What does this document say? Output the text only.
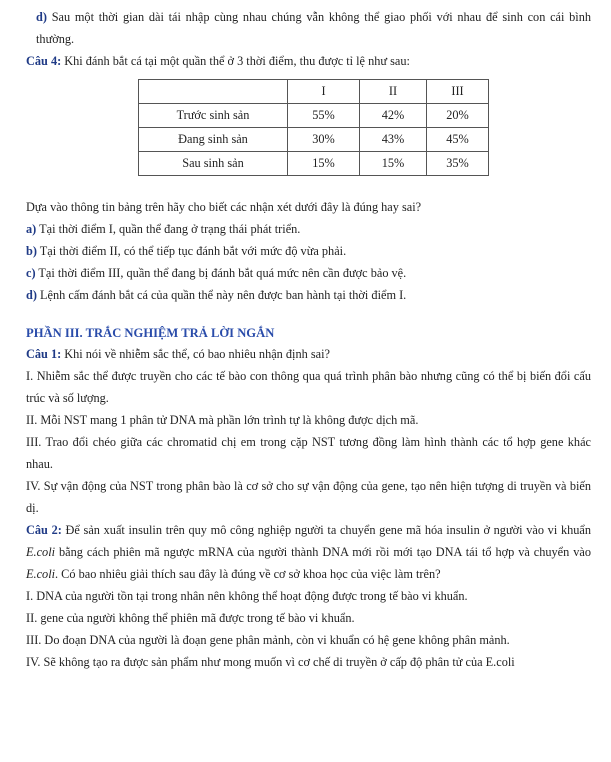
d) Sau một thời gian dài tái nhập cùng nhau chúng vẫn không thể giao phối với nhau để sinh con cái bình thường.

Câu 4: Khi đánh bắt cá tại một quần thể ở 3 thời điểm, thu được tỉ lệ như sau:

	I	II	III
Trước sinh sản	55%	42%	20%
Đang sinh sản	30%	43%	45%
Sau sinh sản	15%	15%	35%

Dựa vào thông tin bảng trên hãy cho biết các nhận xét dưới đây là đúng hay sai?

a) Tại thời điểm I, quần thể đang ở trạng thái phát triển.

b) Tại thời điểm II, có thể tiếp tục đánh bắt với mức độ vừa phải.

c) Tại thời điểm III, quần thể đang bị đánh bắt quá mức nên cần được bảo vệ.

d) Lệnh cấm đánh bắt cá của quần thể này nên được ban hành tại thời điểm I.

PHẦN III. TRẮC NGHIỆM TRẢ LỜI NGẮN

Câu 1: Khi nói về nhiễm sắc thể, có bao nhiêu nhận định sai?

I. Nhiễm sắc thể được truyền cho các tế bào con thông qua quá trình phân bào nhưng cũng có thể bị biến đổi cấu trúc và số lượng.

II. Mỗi NST mang 1 phân tử DNA mà phần lớn trình tự là không được dịch mã.

III. Trao đổi chéo giữa các chromatid chị em trong cặp NST tương đồng làm hình thành các tổ hợp gene khác nhau.

IV. Sự vận động của NST trong phân bào là cơ sở cho sự vận động của gene, tạo nên hiện tượng di truyền và biến dị.

Câu 2: Để sản xuất insulin trên quy mô công nghiệp người ta chuyển gene mã hóa insulin ở người vào vi khuẩn E.coli bằng cách phiên mã ngược mRNA của người thành DNA mới rồi mới tạo DNA tái tổ hợp và chuyển vào E.coli. Có bao nhiêu giải thích sau đây là đúng về cơ sở khoa học của việc làm trên?

I. DNA của người tồn tại trong nhân nên không thể hoạt động được trong tế bào vi khuẩn.

II. gene của người không thể phiên mã được trong tế bào vi khuẩn.

III. Do đoạn DNA của người là đoạn gene phân mảnh, còn vi khuẩn có hệ gene không phân mảnh.

IV. Sẽ không tạo ra được sản phẩm như mong muốn vì cơ chế di truyền ở cấp độ phân tử của E.coli
